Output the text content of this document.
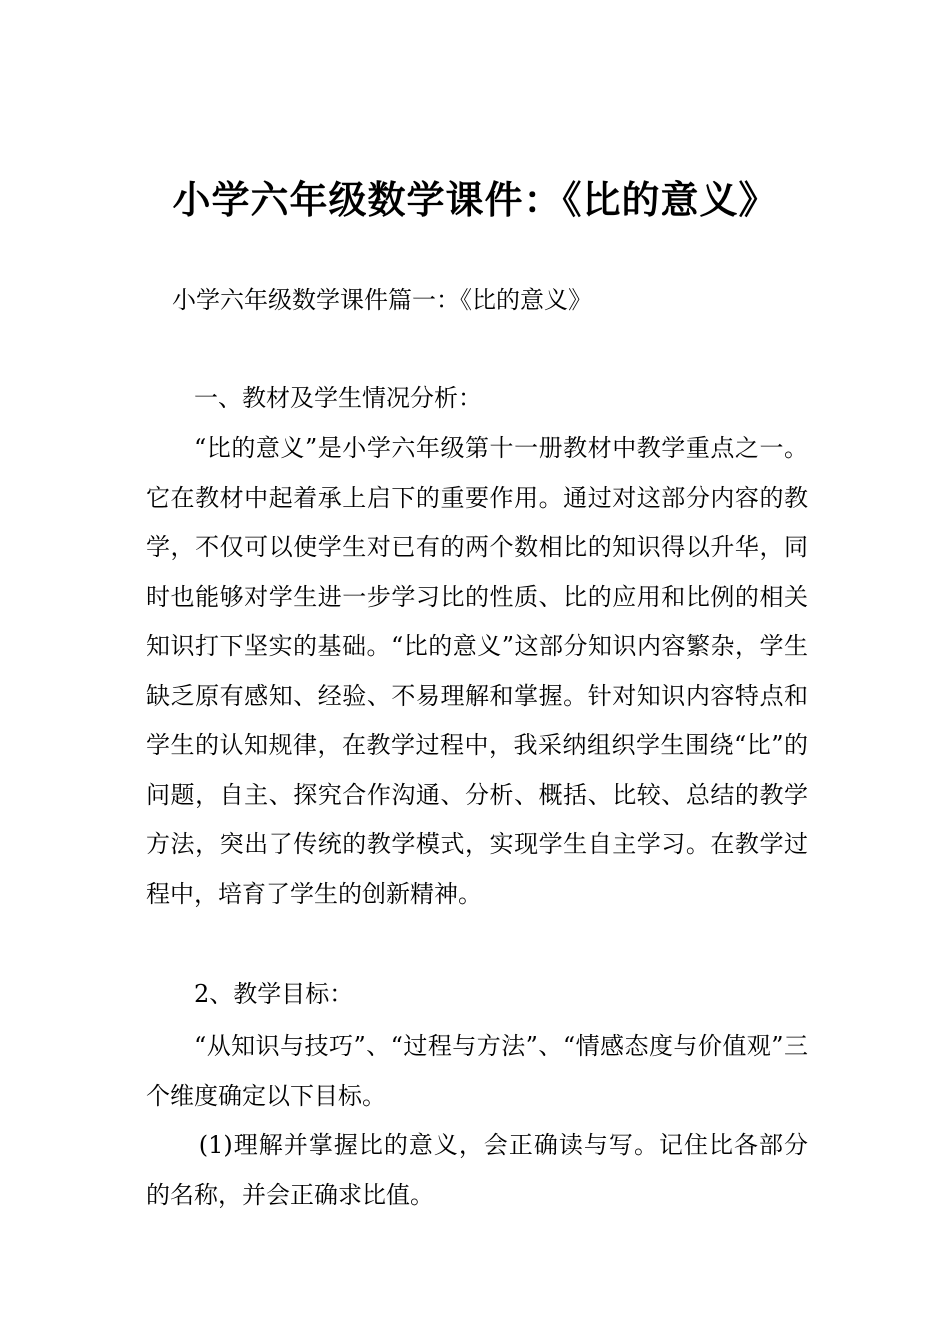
小学六年级数学课件：《比的意义》

小学六年级数学课件篇一：《比的意义》

一、教材及学生情况分析：

“比的意义”是小学六年级第十一册教材中教学重点之一。它在教材中起着承上启下的重要作用。通过对这部分内容的教学，不仅可以使学生对已有的两个数相比的知识得以升华，同时也能够对学生进一步学习比的性质、比的应用和比例的相关知识打下坚实的基础。“比的意义”这部分知识内容繁杂，学生缺乏原有感知、经验、不易理解和掌握。针对知识内容特点和学生的认知规律，在教学过程中，我采纳组织学生围绕“比”的问题，自主、探究合作沟通、分析、概括、比较、总结的教学方法，突出了传统的教学模式，实现学生自主学习。在教学过程中，培育了学生的创新精神。

2、教学目标：

“从知识与技巧”、“过程与方法”、“情感态度与价值观”三个维度确定以下目标。

(1)理解并掌握比的意义，会正确读与写。记住比各部分的名称，并会正确求比值。
